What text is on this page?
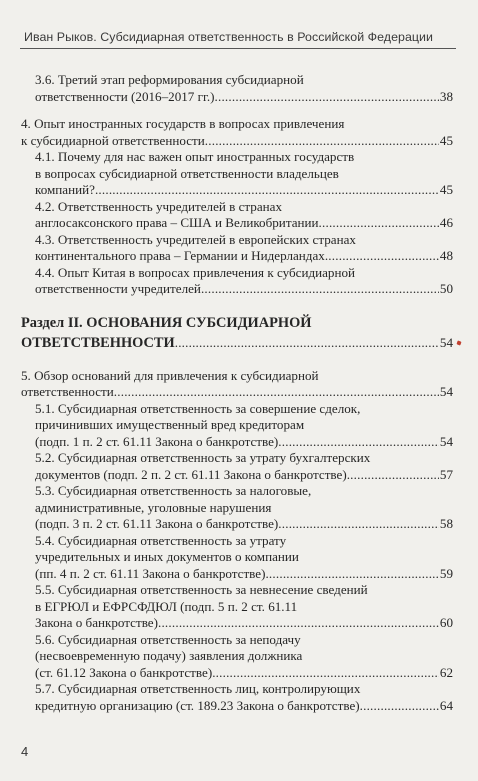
Иван Рыков. Субсидиарная ответственность в Российской Федерации
3.6. Третий этап реформирования субсидиарной
ответственности (2016–2017 гг.) .....	38
4. Опыт иностранных государств в вопросах привлечения
к субсидиарной ответственности .....	45
4.1. Почему для нас важен опыт иностранных государств
в вопросах субсидиарной ответственности владельцев
компаний? .....	45
4.2. Ответственность учредителей в странах
англосаксонского права – США и Великобритании .....	46
4.3. Ответственность учредителей в европейских странах
континентального права – Германии и Нидерландах .....	48
4.4. Опыт Китая в вопросах привлечения к субсидиарной
ответственности учредителей .....	50
Раздел II. ОСНОВАНИЯ СУБСИДИАРНОЙ
ОТВЕТСТВЕННОСТИ .....	54
5. Обзор оснований для привлечения к субсидиарной
ответственности .....	54
5.1. Субсидиарная ответственность за совершение сделок,
причинивших имущественный вред кредиторам
(подп. 1 п. 2 ст. 61.11 Закона о банкротстве) .....	54
5.2. Субсидиарная ответственность за утрату бухгалтерских
документов (подп. 2 п. 2 ст. 61.11 Закона о банкротстве) .....	57
5.3. Субсидиарная ответственность за налоговые,
административные, уголовные нарушения
(подп. 3 п. 2 ст. 61.11 Закона о банкротстве) .....	58
5.4. Субсидиарная ответственность за утрату
учредительных и иных документов о компании
(пп. 4 п. 2 ст. 61.11 Закона о банкротстве) .....	59
5.5. Субсидиарная ответственность за невнесение сведений
в ЕГРЮЛ и ЕФРСФДЮЛ (подп. 5 п. 2 ст. 61.11
Закона о банкротстве) .....	60
5.6. Субсидиарная ответственность за неподачу
(несвоевременную подачу) заявления должника
(ст. 61.12 Закона о банкротстве) .....	62
5.7. Субсидиарная ответственность лиц, контролирующих
кредитную организацию (ст. 189.23 Закона о банкротстве) .....	64
4
